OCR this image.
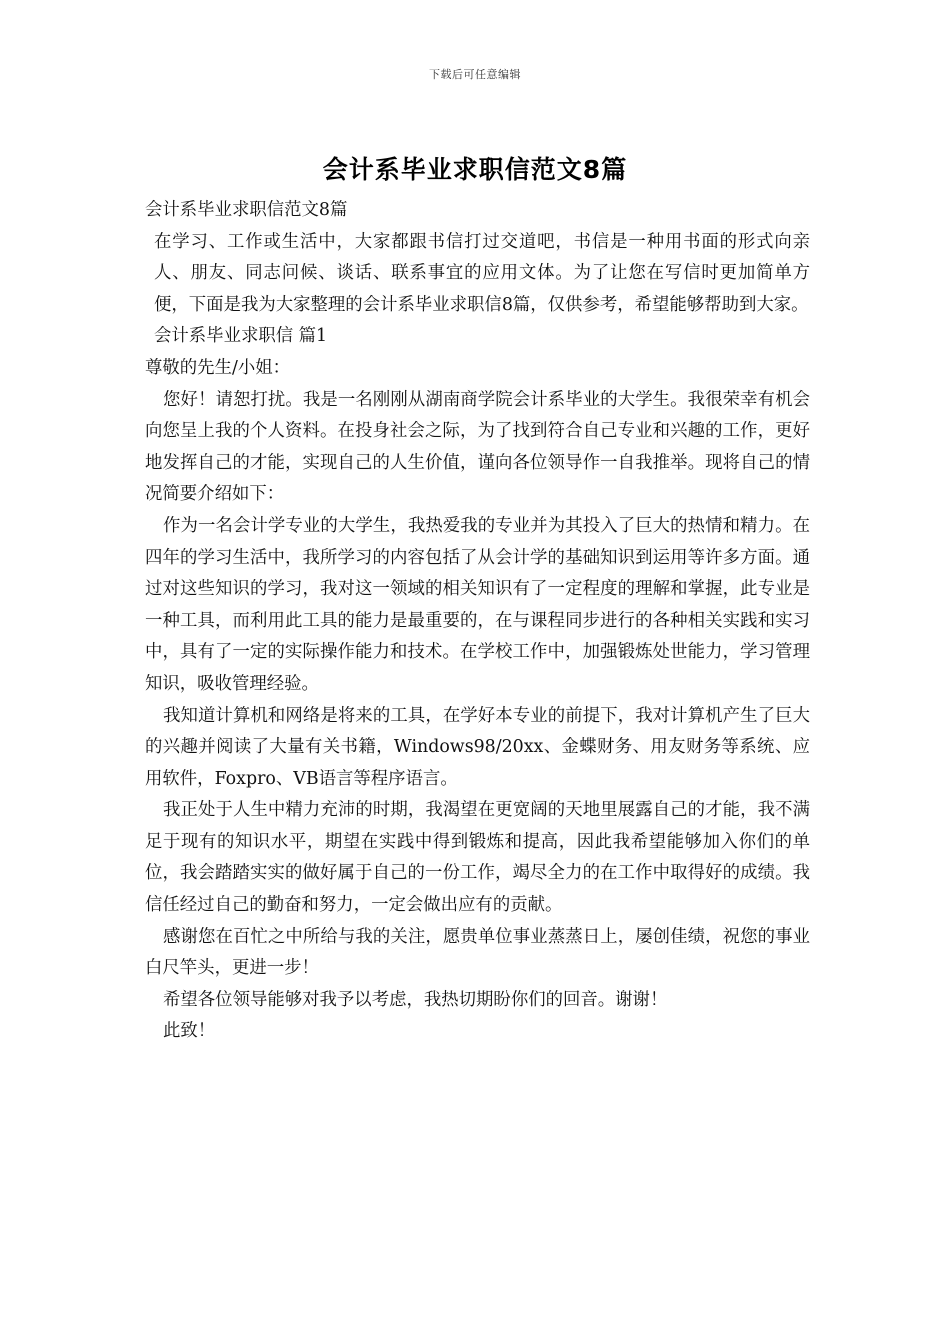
下载后可任意编辑
会计系毕业求职信范文8篇

会计系毕业求职信范文8篇

在学习、工作或生活中，大家都跟书信打过交道吧，书信是一种用书面的形式向亲人、朋友、同志问候、谈话、联系事宜的应用文体。为了让您在写信时更加简单方便，下面是我为大家整理的会计系毕业求职信8篇，仅供参考，希望能够帮助到大家。

会计系毕业求职信 篇1

尊敬的先生/小姐：

您好！请恕打扰。我是一名刚刚从湖南商学院会计系毕业的大学生。我很荣幸有机会向您呈上我的个人资料。在投身社会之际，为了找到符合自己专业和兴趣的工作，更好地发挥自己的才能，实现自己的人生价值，谨向各位领导作一自我推举。现将自己的情况简要介绍如下：

作为一名会计学专业的大学生，我热爱我的专业并为其投入了巨大的热情和精力。在四年的学习生活中，我所学习的内容包括了从会计学的基础知识到运用等许多方面。通过对这些知识的学习，我对这一领域的相关知识有了一定程度的理解和掌握，此专业是一种工具，而利用此工具的能力是最重要的，在与课程同步进行的各种相关实践和实习中，具有了一定的实际操作能力和技术。在学校工作中，加强锻炼处世能力，学习管理知识，吸收管理经验。

我知道计算机和网络是将来的工具，在学好本专业的前提下，我对计算机产生了巨大的兴趣并阅读了大量有关书籍，Windows98/20xx、金蝶财务、用友财务等系统、应用软件，Foxpro、VB语言等程序语言。

我正处于人生中精力充沛的时期，我渴望在更宽阔的天地里展露自己的才能，我不满足于现有的知识水平，期望在实践中得到锻炼和提高，因此我希望能够加入你们的单位，我会踏踏实实的做好属于自己的一份工作，竭尽全力的在工作中取得好的成绩。我信任经过自己的勤奋和努力，一定会做出应有的贡献。

感谢您在百忙之中所给与我的关注，愿贵单位事业蒸蒸日上，屡创佳绩，祝您的事业白尺竿头，更进一步！

希望各位领导能够对我予以考虑，我热切期盼你们的回音。谢谢！

此致！
